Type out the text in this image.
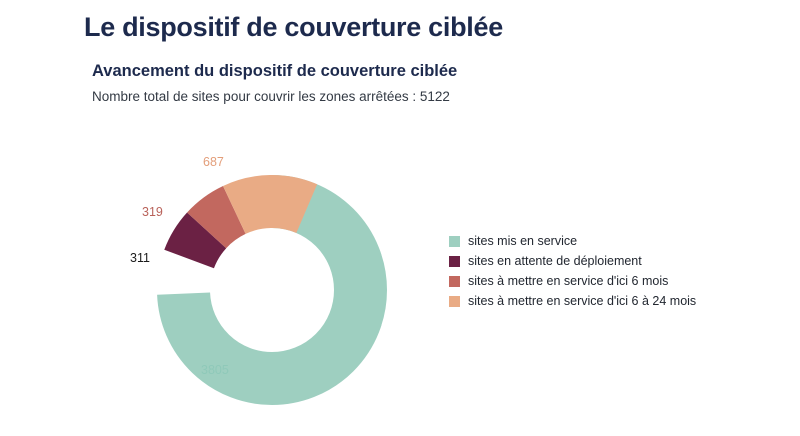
Le dispositif de couverture ciblée
Avancement du dispositif de couverture ciblée
Nombre total de sites pour couvrir les zones arrêtées : 5122
3805
311
319
687
sites mis en service
sites en attente de déploiement
sites à mettre en service d'ici 6 mois
sites à mettre en service d'ici 6 à 24 mois
